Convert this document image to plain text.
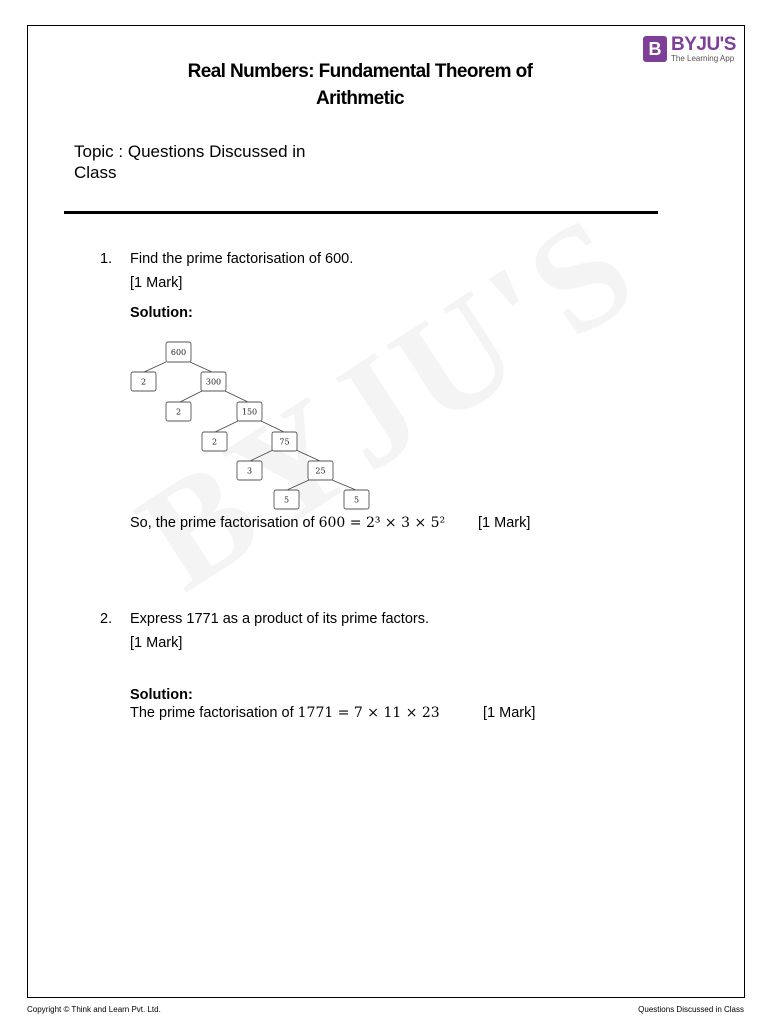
B BYJU'S
The Learning App
Real Numbers: Fundamental Theorem of
Arithmetic
Topic : Questions Discussed in Class
1. Find the prime factorisation of 600.
[1 Mark]
Solution:
600
2	300
2	150
2	75
3	25
5	5
So, the prime factorisation of 600 = 2³ × 3 × 5² [1 Mark]
2. Express 1771 as a product of its prime factors.
[1 Mark]
Solution:
The prime factorisation of 1771 = 7 × 11 × 23	[1 Mark]
Copyright © Think and Learn Pvt. Ltd.	Questions Discussed in Class
